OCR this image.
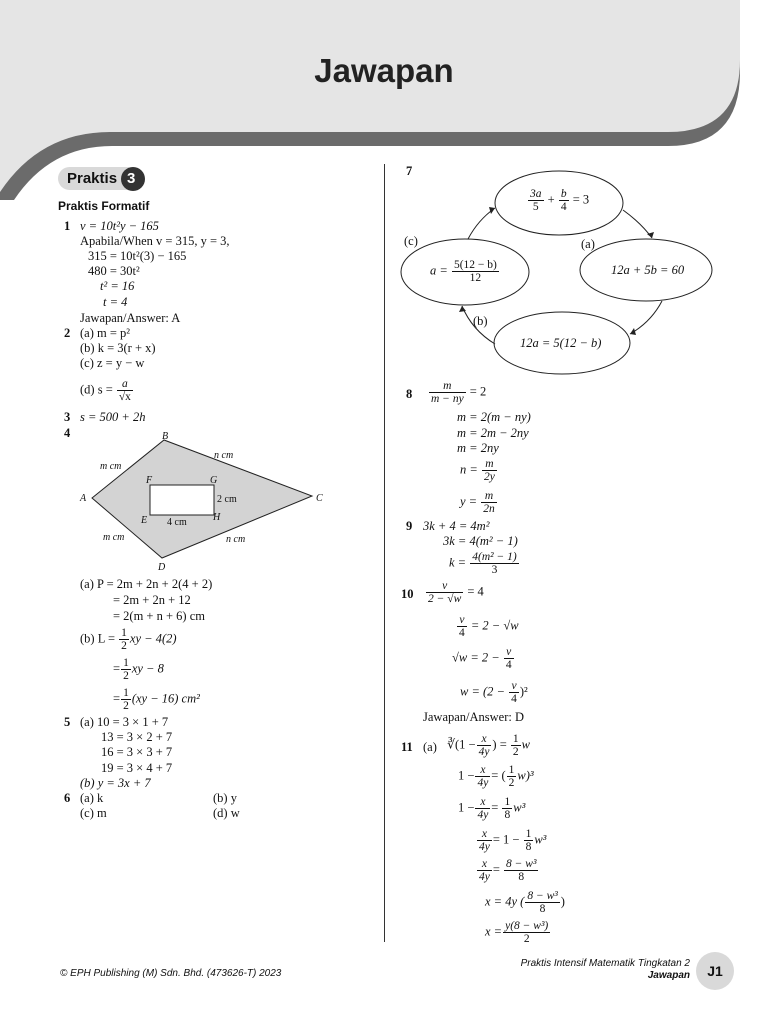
Jawapan
Praktis 3
Praktis Formatif
1 v = 10t²y − 165
Apabila/When v = 315, y = 3,
315 = 10t²(3) − 165
480 = 30t²
t² = 16
t = 4
Jawapan/Answer: A
2 (a) m = p²
(b) k = 3(r + x)
(c) z = y − w
(d) $s = \frac{a}{√x}$
3 s = 500 + 2h
4
A
B
C
D
E
F	G
H
m cm
n cm
m cm	n cm
2 cm
4 cm
(a) P = 2m + 2n + 2(4 + 2)
= 2m + 2n + 12
= 2(m + n + 6) cm
(b) $L = \frac{1}{2}$ xy − 4(2)
= $\frac{1}{2}$ xy − 8
= $\frac{1}{2} (xy - 16)$ cm²
5 (a) 10 = 3 × 1 + 7
13 = 3 × 2 + 7
16 = 3 × 3 + 7
19 = 3 × 4 + 7
(b) y = 3x + 7
6 (a) k	(b) y
(c) m	(d) w
7
$\frac{3a}{5} + \frac{b}{4} = 3$
12a + 5b = 60
12a = 5(12 − b)
$a = \frac{5(12 - b)}{12}$
(a)
(b)
(c)
$8 \frac{m}{m - ny} = 2$
m = 2(m − ny)
m = 2m − 2ny
m = 2ny
$n = \frac{m}{2y}$
$y = \frac{m}{2n}$
9 3k + 4 = 4m²
3k = 4(m² − 1)
$k = \frac{\text{4(m² − 1)}}{3}$
$10 \frac{v}{2 - √w} = 4$
$\frac{v}{4} = 2 - √w$
$√w = 2 - \frac{v}{4}$
$w = (2 - \frac{v}{4} )^2$
Jawapan/Answer: D
11 (a) ∛(1 − $\frac{x}{4y}$ ) = $\frac{1}{2}$ w
$1 - \frac{x}{4y}$ = ( $\frac{1}{2} w)^3$
$1 - \frac{x}{4y} = \frac{1}{8} w^3$
$\frac{x}{4y} = 1 - \frac{1}{8} w^3$
$\frac{x}{4y} = \frac{\text{8 − w³}}{8}$
x = 4y ( $\frac{\text{8 − w³}}{8}$ )
$x = \frac{\text{y(8 − w³)}}{2}$
© EPH Publishing (M) Sdn. Bhd. (473626-T) 2023
Praktis Intensif Matematik Tingkatan 2
Jawapan	J1
